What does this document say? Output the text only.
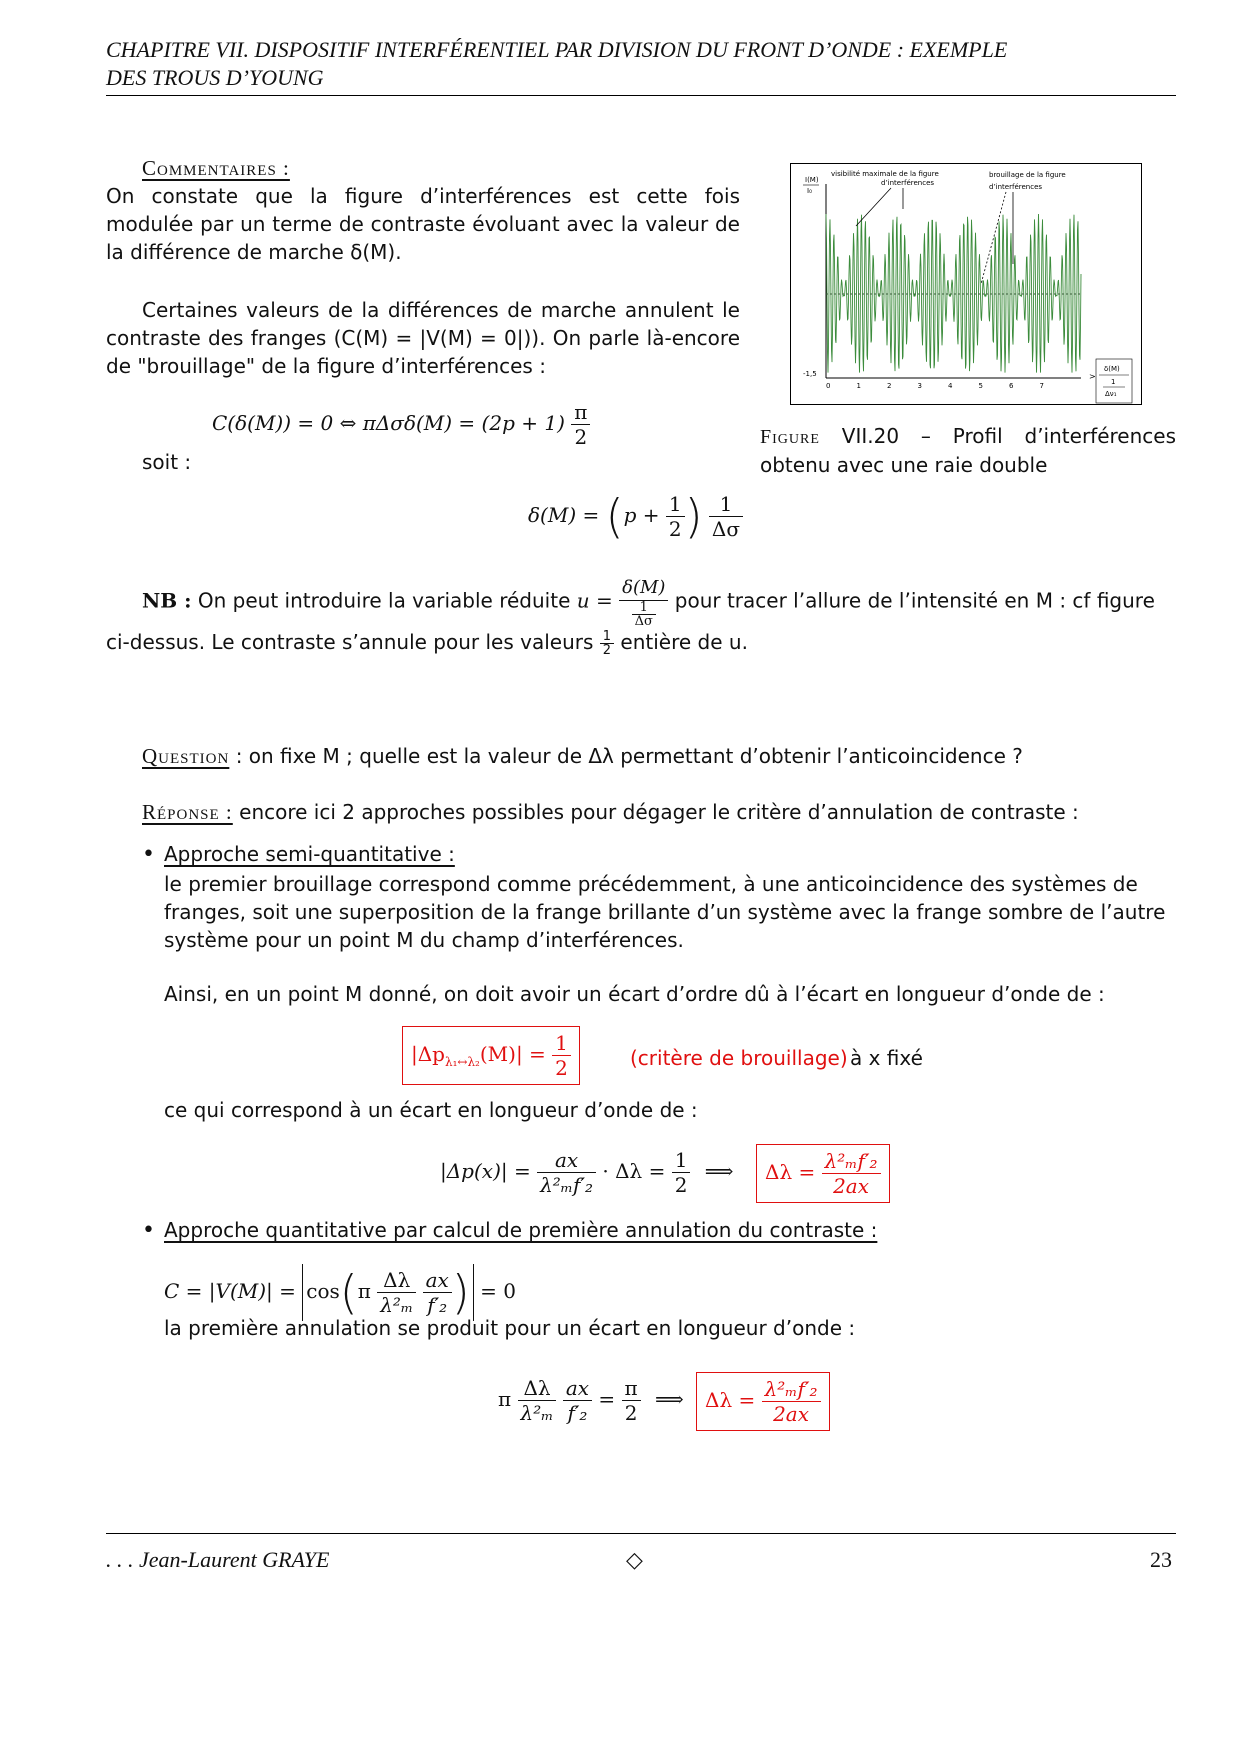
CHAPITRE VII. DISPOSITIF INTERFÉRENTIEL PAR DIVISION DU FRONT D’ONDE : EXEMPLE
DES TROUS D’YOUNG
Commentaires :
On constate que la figure d’interférences est cette fois modulée par un terme de contraste évoluant avec la valeur de la différence de marche δ(M).
Certaines valeurs de la différences de marche annulent le contraste des franges (C(M) = |V(M) = 0|)). On parle là-encore de "brouillage" de la figure d’interférences :
C(δ(M)) = 0 ⇔ $\pi\Delta\sigma\delta(M) = (2p + 1) \frac{\pi}{2}$
soit :
$\delta(M) = (p + \frac{1}{2}$ ) $\frac{1}{\Delta\sigma}$
visibilité maximale de la figure
d’interférences
brouillage de la figure
d’interférences
I(M)
I₀
-1,5
0	1	2	3	4	5	6	7
>
δ(M)
1
Δν₁
Figure VII.20 – Profil d’interférences obtenu avec une raie double
NB : On peut introduire la variable réduite $u = \frac{\delta(M)}{\frac{1}{\Delta\sigma}}$ pour tracer l’allure de l’intensité en M : cf figure
ci-dessus. Le contraste s’annule pour les valeurs $\frac{1}{2}$ entière de u.
Question : on fixe M ; quelle est la valeur de Δλ permettant d’obtenir l’anticoincidence ?
Réponse : encore ici 2 approches possibles pour dégager le critère d’annulation de contraste :
• Approche semi-quantitative :
le premier brouillage correspond comme précédemment, à une anticoincidence des systèmes de franges, soit une superposition de la frange brillante d’un système avec la frange sombre de l’autre système pour un point M du champ d’interférences.
Ainsi, en un point M donné, on doit avoir un écart d’ordre dû à l’écart en longueur d’onde de :
$|\Delta p_{\lambda_1\leftrightarrow\lambda_2}(M)| = \frac{1}{2}$	(critère de brouillage) à x fixé
ce qui correspond à un écart en longueur d’onde de :
$|\Delta p(x)| = \frac{ax}{\text{λ²ₘf′₂}} \cdot \Delta\lambda = \frac{1}{2}$ ⟹	$\Delta\lambda = \frac{\text{λ²ₘf′₂}}{2ax}$
• Approche quantitative par calcul de première annulation du contraste :
$C = |V(M)| = \cos(\pi \frac{\Delta\lambda}{\text{λ²ₘ}}$
$\frac{ax}{\text{f′₂}}$ ) = 0
la première annulation se produit pour un écart en longueur d’onde :
π $\frac{\Delta\lambda}{\text{λ²ₘ}}$
$\frac{ax}{\text{f′₂}} = \frac{\pi}{2}$ ⟹	$\Delta\lambda = \frac{\text{λ²ₘf′₂}}{2ax}$
. . . Jean-Laurent GRAYE	◇	23
